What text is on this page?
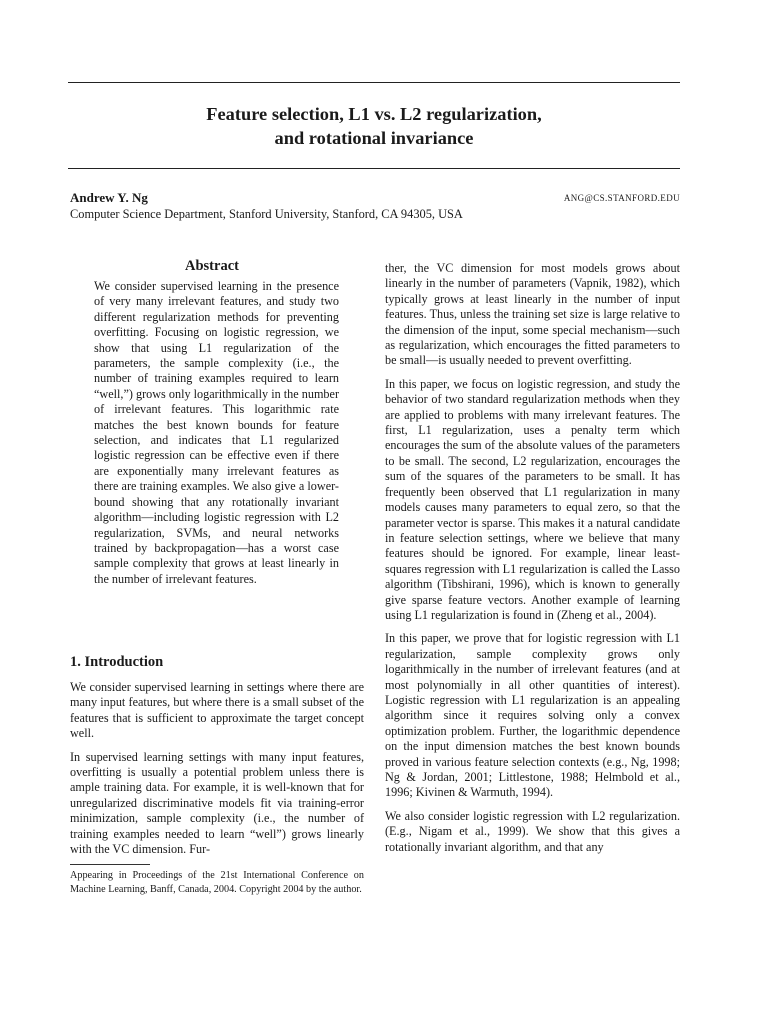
Feature selection, L1 vs. L2 regularization,
and rotational invariance
Andrew Y. Ng	ANG@CS.STANFORD.EDU
Computer Science Department, Stanford University, Stanford, CA 94305, USA
Abstract

We consider supervised learning in the presence of very many irrelevant features, and study two different regularization methods for preventing overfitting. Focusing on logistic regression, we show that using L1 regularization of the parameters, the sample complexity (i.e., the number of training examples required to learn “well,”) grows only logarithmically in the number of irrelevant features. This logarithmic rate matches the best known bounds for feature selection, and indicates that L1 regularized logistic regression can be effective even if there are exponentially many irrelevant features as there are training examples. We also give a lower-bound showing that any rotationally invariant algorithm—including logistic regression with L2 regularization, SVMs, and neural networks trained by backpropagation—has a worst case sample complexity that grows at least linearly in the number of irrelevant features.

1. Introduction

We consider supervised learning in settings where there are many input features, but where there is a small subset of the features that is sufficient to approximate the target concept well.

In supervised learning settings with many input features, overfitting is usually a potential problem unless there is ample training data. For example, it is well-known that for unregularized discriminative models fit via training-error minimization, sample complexity (i.e., the number of training examples needed to learn “well”) grows linearly with the VC dimension. Fur-

Appearing in Proceedings of the 21st International Conference on Machine Learning, Banff, Canada, 2004. Copyright 2004 by the author.

ther, the VC dimension for most models grows about linearly in the number of parameters (Vapnik, 1982), which typically grows at least linearly in the number of input features. Thus, unless the training set size is large relative to the dimension of the input, some special mechanism—such as regularization, which encourages the fitted parameters to be small—is usually needed to prevent overfitting.

In this paper, we focus on logistic regression, and study the behavior of two standard regularization methods when they are applied to problems with many irrelevant features. The first, L1 regularization, uses a penalty term which encourages the sum of the absolute values of the parameters to be small. The second, L2 regularization, encourages the sum of the squares of the parameters to be small. It has frequently been observed that L1 regularization in many models causes many parameters to equal zero, so that the parameter vector is sparse. This makes it a natural candidate in feature selection settings, where we believe that many features should be ignored. For example, linear least-squares regression with L1 regularization is called the Lasso algorithm (Tibshirani, 1996), which is known to generally give sparse feature vectors. Another example of learning using L1 regularization is found in (Zheng et al., 2004).

In this paper, we prove that for logistic regression with L1 regularization, sample complexity grows only logarithmically in the number of irrelevant features (and at most polynomially in all other quantities of interest). Logistic regression with L1 regularization is an appealing algorithm since it requires solving only a convex optimization problem. Further, the logarithmic dependence on the input dimension matches the best known bounds proved in various feature selection contexts (e.g., Ng, 1998; Ng & Jordan, 2001; Littlestone, 1988; Helmbold et al., 1996; Kivinen & Warmuth, 1994).

We also consider logistic regression with L2 regularization. (E.g., Nigam et al., 1999). We show that this gives a rotationally invariant algorithm, and that any
